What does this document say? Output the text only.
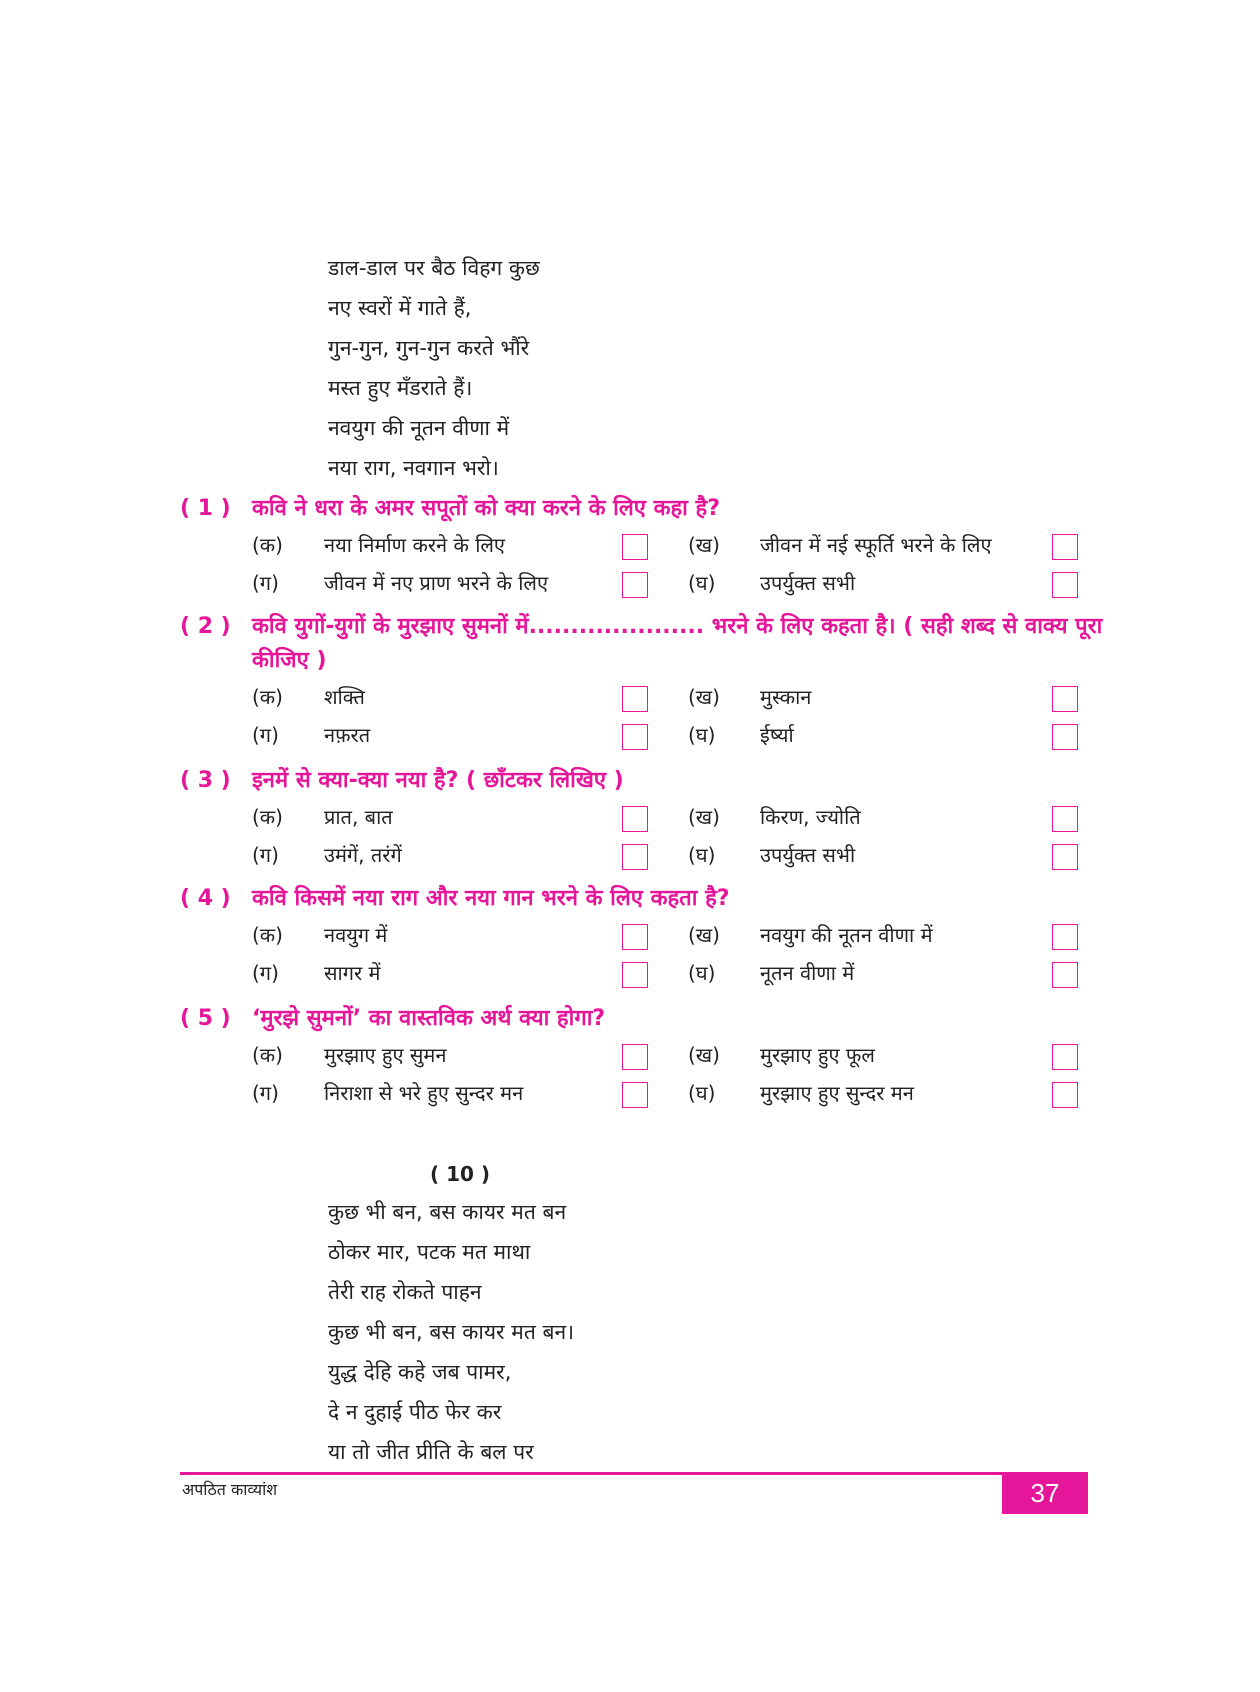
डाल-डाल पर बैठ विहग कुछ
नए स्वरों में गाते हैं,
गुन-गुन, गुन-गुन करते भौंरे
मस्त हुए मँडराते हैं।
नवयुग की नूतन वीणा में
नया राग, नवगान भरो।
( 1 ) कवि ने धरा के अमर सपूतों को क्या करने के लिए कहा है?
(क) नया निर्माण करने के लिए	(ख) जीवन में नई स्फूर्ति भरने के लिए
(ग) जीवन में नए प्राण भरने के लिए	(घ) उपर्युक्त सभी
( 2 ) कवि युगों-युगों के मुरझाए सुमनों में..................... भरने के लिए कहता है। ( सही शब्द से वाक्य पूरा कीजिए )
(क) शक्ति	(ख) मुस्कान
(ग) नफ़रत	(घ) ईर्ष्या
( 3 ) इनमें से क्या-क्या नया है? ( छाँटकर लिखिए )
(क) प्रात, बात	(ख) किरण, ज्योति
(ग) उमंगें, तरंगें	(घ) उपर्युक्त सभी
( 4 ) कवि किसमें नया राग और नया गान भरने के लिए कहता है?
(क) नवयुग में	(ख) नवयुग की नूतन वीणा में
(ग) सागर में	(घ) नूतन वीणा में
( 5 ) ‘मुरझे सुमनों’ का वास्तविक अर्थ क्या होगा?
(क) मुरझाए हुए सुमन	(ख) मुरझाए हुए फूल
(ग) निराशा से भरे हुए सुन्दर मन	(घ) मुरझाए हुए सुन्दर मन
( 10 )
कुछ भी बन, बस कायर मत बन
ठोकर मार, पटक मत माथा
तेरी राह रोकते पाहन
कुछ भी बन, बस कायर मत बन।
युद्ध देहि कहे जब पामर,
दे न दुहाई पीठ फेर कर
या तो जीत प्रीति के बल पर
अपठित काव्यांश	37
